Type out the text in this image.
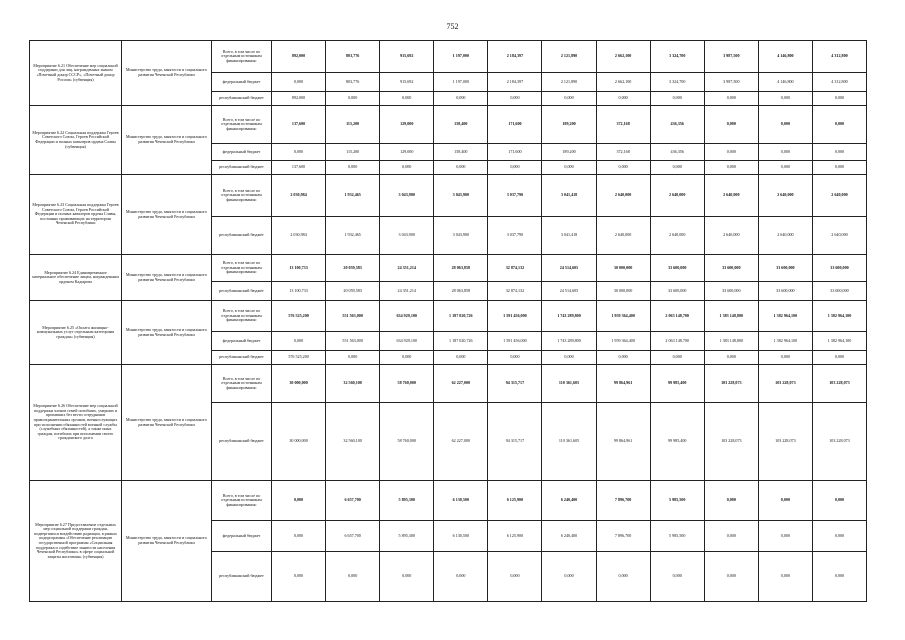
752
Мероприятие 6.21 Обеспечение мер социальной поддержки для лиц, награжденных знаком «Почетный донор СССР», «Почетный донор России» (субвенция)	Министерство труда, занятости и социального развития Чеченской Республики	Всего, в том числе по отдельным источникам финансирования:	892,000	803,776	915,692	1 197,000	2 184,397	2 121,890	2 662,100	3 324,700	3 987,500	4 146,800	4 312,800
		федеральный бюджет	0,000	803,776	915,692	1 197,000	2 184,397	2 121,890	2 662,100	3 324,700	3 987,500	4 146,800	4 312,800
		республиканский бюджет	892,000	0,000	0,000	0,000	0,000	0,000	0,000	0,000	0,000	0,000	0,000
Мероприятие 6.22 Социальная поддержка Героев Советского Союза, Героев Российской Федерации и полных кавалеров ордена Славы (субвенция)	Министерство труда, занятости и социального развития Чеченской Республики	Всего, в том числе по отдельным источникам финансирования:	137,600	115,200	129,000	158,400	171,600	189,200	372,168	436,356	0,000	0,000	0,000
		федеральный бюджет	0,000	115,200	129,000	158,400	171,600	189,200	372,168	436,356	0,000	0,000	0,000
		республиканский бюджет	137,600	0,000	0,000	0,000	0,000	0,000	0,000	0,000	0,000	0,000	0,000
Мероприятие 6.23 Социальная поддержка Героев Советского Союза, Героев Российской Федерации и полных кавалеров ордена Славы, постоянно проживающих на территории Чеченской Республики	Министерство труда, занятости и социального развития Чеченской Республики	Всего, в том числе по отдельным источникам финансирования:	2 030,984	1 932,465	3 043,900	3 043,900	3 037,790	3 041,418	2 640,000	2 640,000	2 640,000	2 640,000	2 640,000
		республиканский бюджет	2 030,984	1 932,465	3 043,900	3 043,900	3 037,790	3 041,418	2 640,000	2 640,000	2 640,000	2 640,000	2 640,000
Мероприятие 6.24 Единовременное материальное обеспечение лицам, награжденным орденом Кадырова	Министерство труда, занятости и социального развития Чеченской Республики	Всего, в том числе по отдельным источникам финансирования:	13 100,733	20 059,583	24 351,214	28 063,858	32 874,132	24 514,605	30 000,000	33 600,000	33 600,000	33 600,000	33 600,000
		республиканский бюджет	13 100,733	20 059,583	24 351,214	28 063,858	32 874,132	24 514,605	30 000,000	33 600,000	33 600,000	33 600,000	33 600,000
Мероприятие 6.25 «Оплата жилищно-коммунальных услуг отдельным категориям граждан» (субвенция)	Министерство труда, занятости и социального развития Чеченской Республики	Всего, в том числе по отдельным источникам финансирования:	576 525,200	551 563,000	634 929,100	1 187 020,726	1 591 456,000	1 743 289,800	1 959 364,400	2 063 148,700	1 383 148,800	1 382 964,100	1 382 964,100
		федеральный бюджет	0,000	551 563,000	634 929,100	1 187 020,726	1 591 456,000	1 743 289,800	1 959 364,400	2 063 148,700	1 383 148,800	1 382 964,100	1 382 964,100
		республиканский бюджет	576 525,200	0,000	0,000	0,000	0,000	0,000	0,000	0,000	0,000	0,000	0,000
Мероприятие 6.26 Обеспечение мер социальной поддержки членов семей погибших, умерших и пропавших без вести сотрудников правоохранительных органов, военнослужащих при исполнении обязанностей военной службы (служебных обязанностей), а также иных граждан, погибших при исполнении своего гражданского долга	Министерство труда, занятости и социального развития Чеченской Республики	Всего, в том числе по отдельным источникам финансирования:	30 000,000	32 560,100	58 760,000	62 227,000	94 315,717	110 361,605	99 864,961	99 985,400	103 228,073	103 228,073	103 228,073
		республиканский бюджет	30 000,000	32 560,100	58 760,000	62 227,000	94 315,717	110 361,605	99 864,961	99 985,400	103 228,073	103 228,073	103 228,073
Мероприятие 6.27 Предоставление отдельных мер социальной поддержки граждан, подвергшихся воздействию радиации, в рамках подпрограммы «Обеспечение реализации государственной программы «Социальная поддержка и содействие занятости населения Чеченской Республики» в сфере социальной защиты населения» (субвенция)	Министерство труда, занятости и социального развития Чеченской Республики	Всего, в том числе по отдельным источникам финансирования:	0,000	6 657,700	5 895,300	6 130,500	6 125,900	6 240,400	7 896,700	5 985,500	0,000	0,000	0,000
		федеральный бюджет	0,000	6 657,700	5 895,300	6 130,500	6 125,900	6 240,400	7 896,700	5 985,500	0,000	0,000	0,000
		республиканский бюджет	0,000	0,000	0,000	0,000	0,000	0,000	0,000	0,000	0,000	0,000	0,000
